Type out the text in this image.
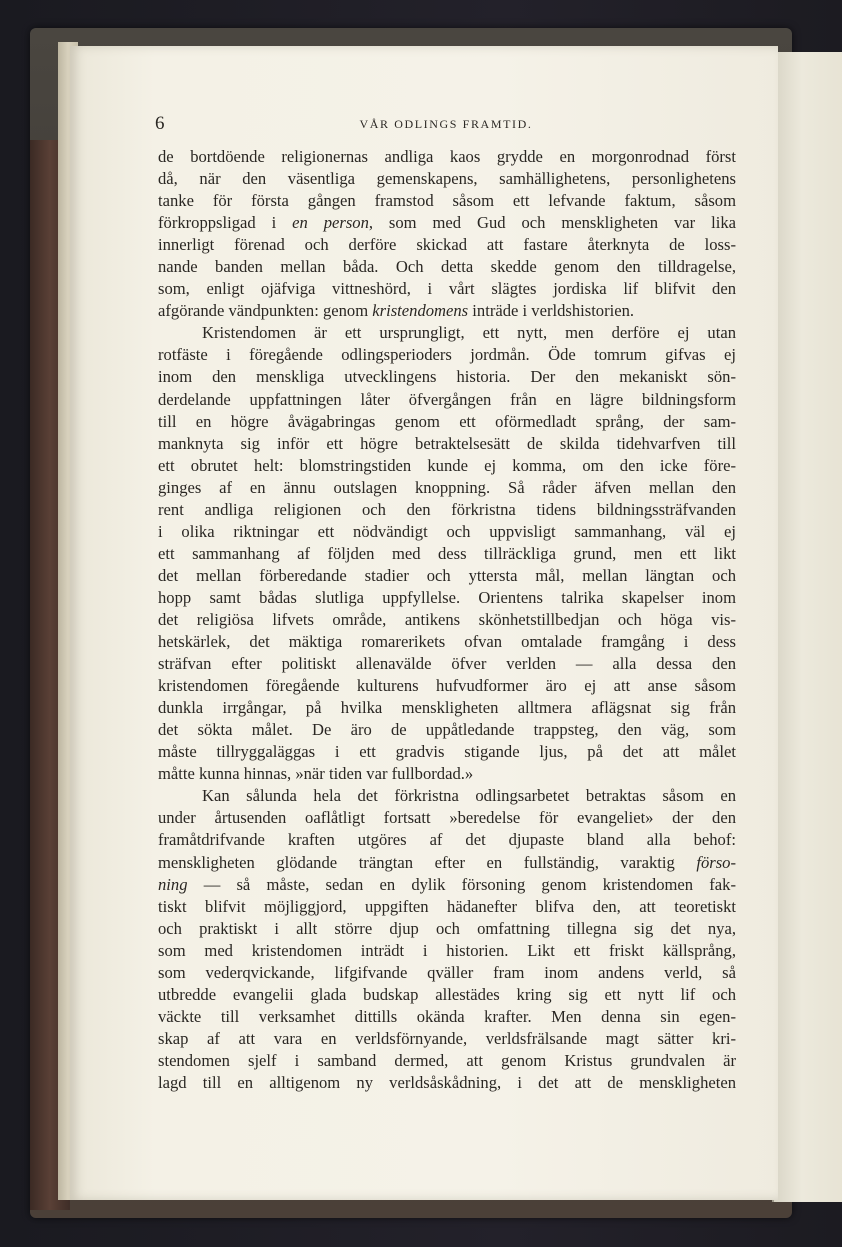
6	VÅR ODLINGS FRAMTID.
de bortdöende religionernas andliga kaos grydde en morgonrodnad först
då, när den väsentliga gemenskapens, samhällighetens, personlighetens
tanke för första gången framstod såsom ett lefvande faktum, såsom
förkroppsligad i en person, som med Gud och menskligheten var lika
innerligt förenad och derföre skickad att fastare återknyta de loss-
nande banden mellan båda. Och detta skedde genom den tilldragelse,
som, enligt ojäfviga vittneshörd, i vårt slägtes jordiska lif blifvit den
afgörande vändpunkten: genom kristendomens inträde i verldshistorien.
Kristendomen är ett ursprungligt, ett nytt, men derföre ej utan
rotfäste i föregående odlingsperioders jordmån. Öde tomrum gifvas ej
inom den menskliga utvecklingens historia. Der den mekaniskt sön-
derdelande uppfattningen låter öfvergången från en lägre bildningsform
till en högre åvägabringas genom ett oförmedladt språng, der sam-
manknyta sig inför ett högre betraktelsesätt de skilda tidehvarfven till
ett obrutet helt: blomstringstiden kunde ej komma, om den icke före-
ginges af en ännu outslagen knoppning. Så råder äfven mellan den
rent andliga religionen och den förkristna tidens bildningssträfvanden
i olika riktningar ett nödvändigt och uppvisligt sammanhang, väl ej
ett sammanhang af följden med dess tillräckliga grund, men ett likt
det mellan förberedande stadier och yttersta mål, mellan längtan och
hopp samt bådas slutliga uppfyllelse. Orientens talrika skapelser inom
det religiösa lifvets område, antikens skönhetstillbedjan och höga vis-
hetskärlek, det mäktiga romarerikets ofvan omtalade framgång i dess
sträfvan efter politiskt allenavälde öfver verlden — alla dessa den
kristendomen föregående kulturens hufvudformer äro ej att anse såsom
dunkla irrgångar, på hvilka menskligheten alltmera aflägsnat sig från
det sökta målet. De äro de uppåtledande trappsteg, den väg, som
måste tillryggaläggas i ett gradvis stigande ljus, på det att målet
måtte kunna hinnas, »när tiden var fullbordad.»
Kan sålunda hela det förkristna odlingsarbetet betraktas såsom en
under årtusenden oaflåtligt fortsatt »beredelse för evangeliet» der den
framåtdrifvande kraften utgöres af det djupaste bland alla behof:
menskligheten glödande trängtan efter en fullständig, varaktig förso-
ning — så måste, sedan en dylik försoning genom kristendomen fak-
tiskt blifvit möjliggjord, uppgiften hädanefter blifva den, att teoretiskt
och praktiskt i allt större djup och omfattning tillegna sig det nya,
som med kristendomen inträdt i historien. Likt ett friskt källsprång,
som vederqvickande, lifgifvande qväller fram inom andens verld, så
utbredde evangelii glada budskap allestädes kring sig ett nytt lif och
väckte till verksamhet dittills okända krafter. Men denna sin egen-
skap af att vara en verldsförnyande, verldsfrälsande magt sätter kri-
stendomen sjelf i samband dermed, att genom Kristus grundvalen är
lagd till en alltigenom ny verldsåskådning, i det att de menskligheten
